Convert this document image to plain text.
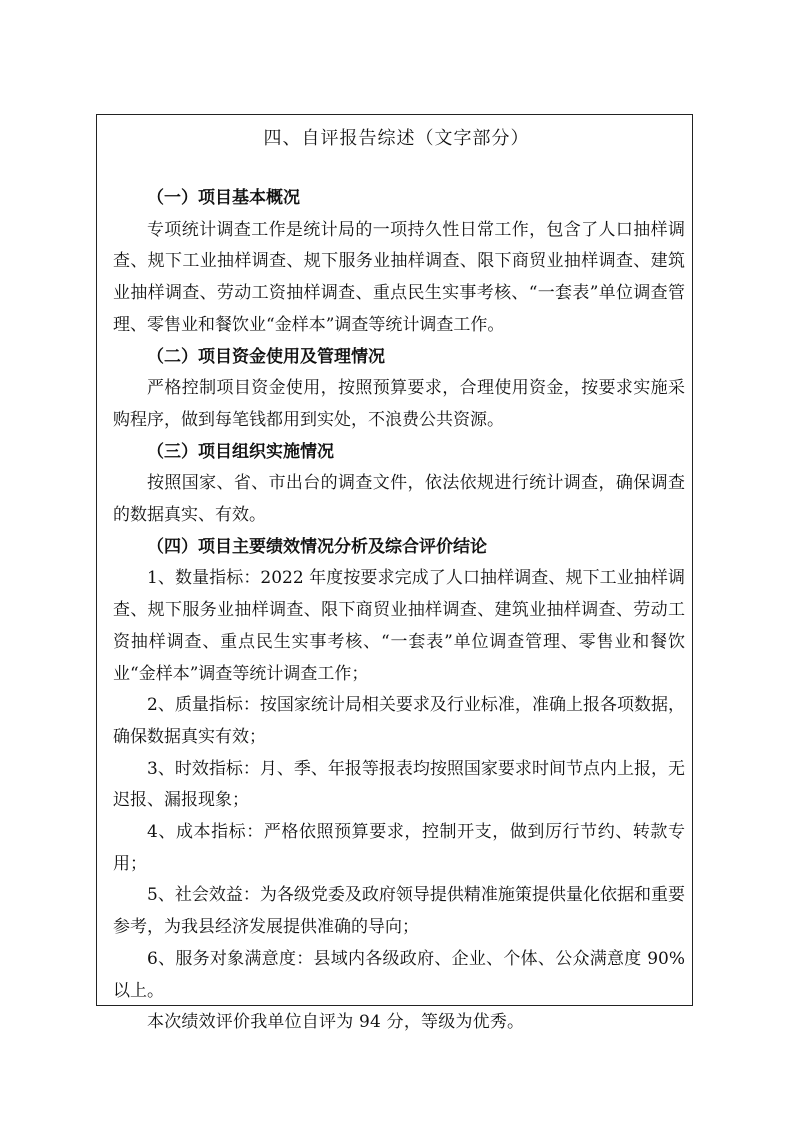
四、自评报告综述（文字部分）

（一）项目基本概况

专项统计调查工作是统计局的一项持久性日常工作，包含了人口抽样调查、规下工业抽样调查、规下服务业抽样调查、限下商贸业抽样调查、建筑业抽样调查、劳动工资抽样调查、重点民生实事考核、“一套表”单位调查管理、零售业和餐饮业“金样本”调查等统计调查工作。

（二）项目资金使用及管理情况

严格控制项目资金使用，按照预算要求，合理使用资金，按要求实施采购程序，做到每笔钱都用到实处，不浪费公共资源。

（三）项目组织实施情况

按照国家、省、市出台的调查文件，依法依规进行统计调查，确保调查的数据真实、有效。

（四）项目主要绩效情况分析及综合评价结论

1、数量指标：2022 年度按要求完成了人口抽样调查、规下工业抽样调查、规下服务业抽样调查、限下商贸业抽样调查、建筑业抽样调查、劳动工资抽样调查、重点民生实事考核、“一套表”单位调查管理、零售业和餐饮业“金样本”调查等统计调查工作；

2、质量指标：按国家统计局相关要求及行业标准，准确上报各项数据，确保数据真实有效；

3、时效指标：月、季、年报等报表均按照国家要求时间节点内上报，无迟报、漏报现象；

4、成本指标：严格依照预算要求，控制开支，做到厉行节约、转款专用；

5、社会效益：为各级党委及政府领导提供精准施策提供量化依据和重要参考，为我县经济发展提供准确的导向；

6、服务对象满意度：县域内各级政府、企业、个体、公众满意度 90%以上。

本次绩效评价我单位自评为 94 分，等级为优秀。
